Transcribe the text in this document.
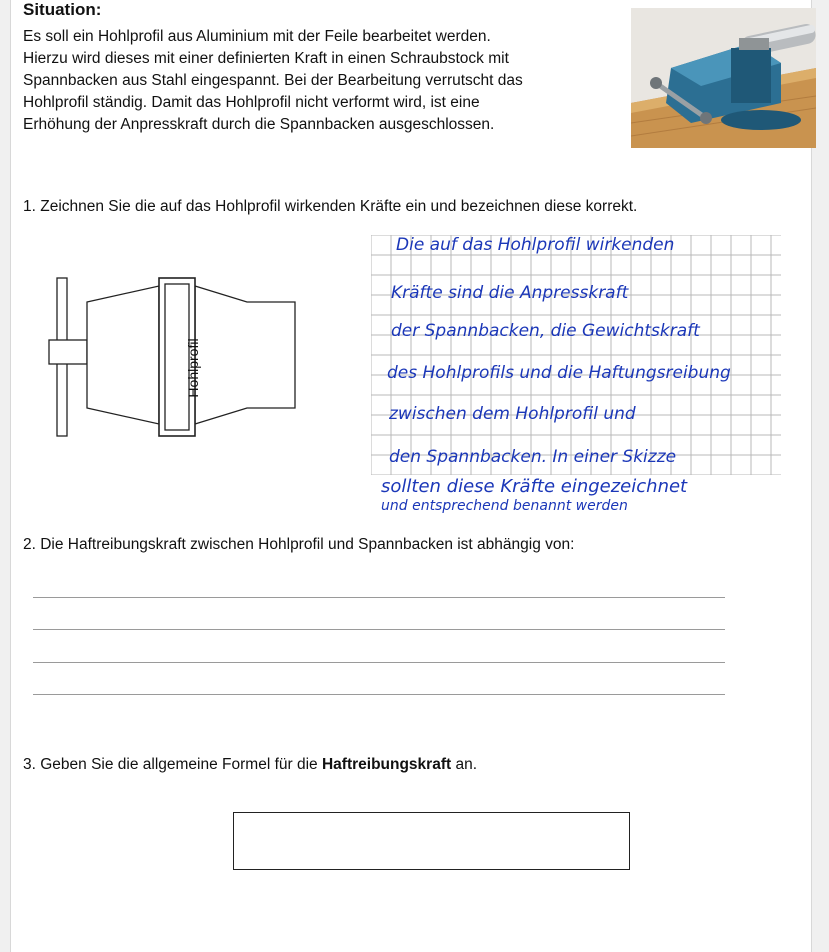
Situation:
Es soll ein Hohlprofil aus Aluminium mit der Feile bearbeitet werden.
Hierzu wird dieses mit einer definierten Kraft in einen Schraubstock mit
Spannbacken aus Stahl eingespannt. Bei der Bearbeitung verrutscht das
Hohlprofil ständig. Damit das Hohlprofil nicht verformt wird, ist eine
Erhöhung der Anpresskraft durch die Spannbacken ausgeschlossen.
1. Zeichnen Sie die auf das Hohlprofil wirkenden Kräfte ein und bezeichnen diese korrekt.
Hohlprofil
Die auf das Hohlprofil wirkenden
Kräfte sind die Anpresskraft
der Spannbacken, die Gewichtskraft
des Hohlprofils und die Haftungsreibung
zwischen dem Hohlprofil und
den Spannbacken. In einer Skizze
sollten diese Kräfte eingezeichnet
und entsprechend benannt werden
2. Die Haftreibungskraft zwischen Hohlprofil und Spannbacken ist abhängig von:
3. Geben Sie die allgemeine Formel für die Haftreibungskraft an.
